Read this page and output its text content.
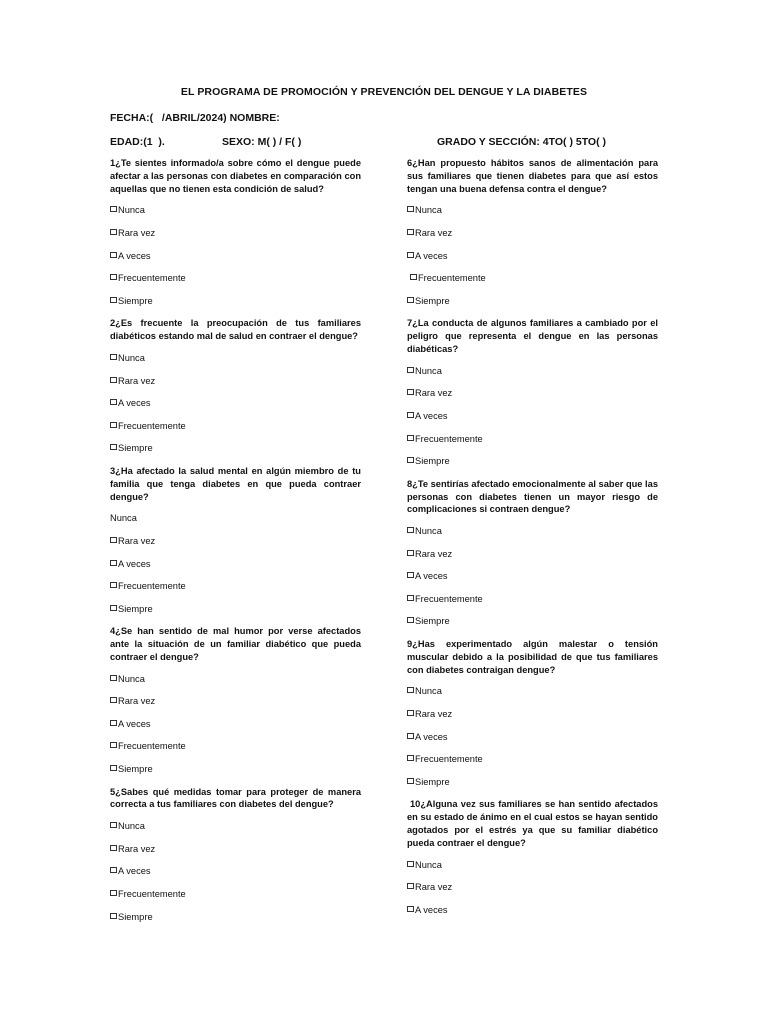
EL PROGRAMA DE PROMOCIÓN Y PREVENCIÓN DEL DENGUE Y LA DIABETES
FECHA:(   /ABRIL/2024) NOMBRE:
EDAD:(1  ).	SEXO: M( ) / F( )	GRADO Y SECCIÓN: 4TO( ) 5TO( )

1¿Te sientes informado/a sobre cómo el dengue puede afectar a las personas con diabetes en comparación con aquellas que no tienen esta condición de salud?

Nunca
Rara vez
A veces
Frecuentemente
Siempre

2¿Es frecuente la preocupación de tus familiares diabéticos estando mal de salud en contraer el dengue?

Nunca
Rara vez
A veces
Frecuentemente
Siempre

3¿Ha afectado la salud mental en algún miembro de tu familia que tenga diabetes en que pueda contraer dengue?

Nunca
Rara vez
A veces
Frecuentemente
Siempre

4¿Se han sentido de mal humor por verse afectados ante la situación de un familiar diabético que pueda contraer el dengue?

Nunca
Rara vez
A veces
Frecuentemente
Siempre

5¿Sabes qué medidas tomar para proteger de manera correcta a tus familiares con diabetes del dengue?

Nunca
Rara vez
A veces
Frecuentemente
Siempre

6¿Han propuesto hábitos sanos de alimentación para sus familiares que tienen diabetes para que así estos tengan una buena defensa contra el dengue?

Nunca
Rara vez
A veces
Frecuentemente
Siempre

7¿La conducta de algunos familiares a cambiado por el peligro que representa el dengue en las personas diabéticas?

Nunca
Rara vez
A veces
Frecuentemente
Siempre

8¿Te sentirías afectado emocionalmente al saber que las personas con diabetes tienen un mayor riesgo de complicaciones si contraen dengue?

Nunca
Rara vez
A veces
Frecuentemente
Siempre

9¿Has experimentado algún malestar o tensión muscular debido a la posibilidad de que tus familiares con diabetes contraigan dengue?

Nunca
Rara vez
A veces
Frecuentemente
Siempre

10¿Alguna vez sus familiares se han sentido afectados en su estado de ánimo en el cual estos se hayan sentido agotados por el estrés ya que su familiar diabético pueda contraer el dengue?

Nunca
Rara vez
A veces
